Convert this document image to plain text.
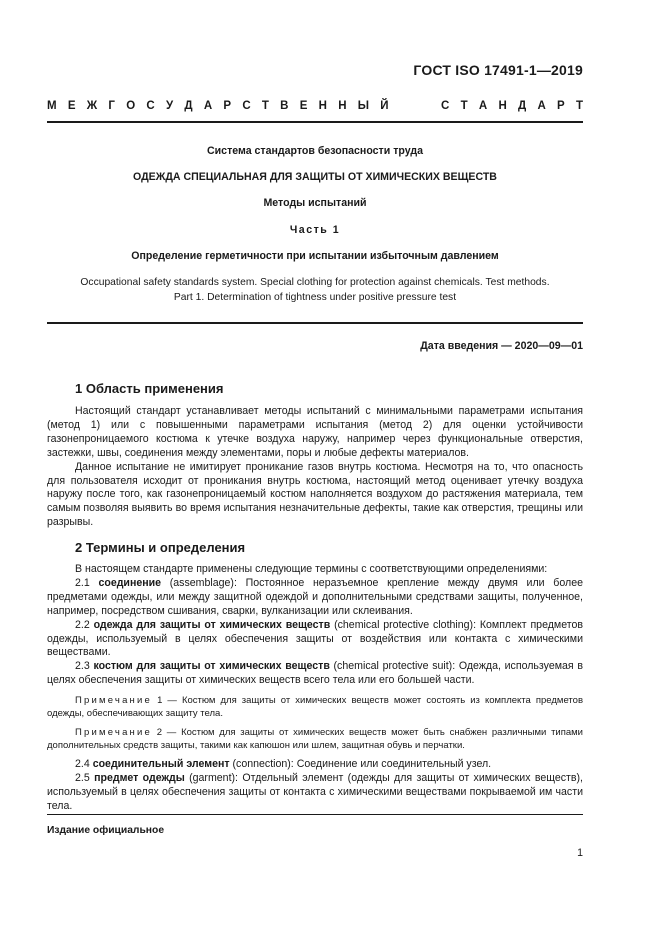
ГОСТ ISO 17491-1—2019
М Е Ж Г О С У Д А Р С Т В Е Н Н Ы Й	С Т А Н Д А Р Т
Система стандартов безопасности труда
ОДЕЖДА СПЕЦИАЛЬНАЯ ДЛЯ ЗАЩИТЫ ОТ ХИМИЧЕСКИХ ВЕЩЕСТВ
Методы испытаний
Часть 1
Определение герметичности при испытании избыточным давлением
Occupational safety standards system. Special clothing for protection against chemicals. Test methods.
Part 1. Determination of tightness under positive pressure test
Дата введения — 2020—09—01
1 Область применения

Настоящий стандарт устанавливает методы испытаний с минимальными параметрами испытания (метод 1) или с повышенными параметрами испытания (метод 2) для оценки устойчивости газонепроницаемого костюма к утечке воздуха наружу, например через функциональные отверстия, застежки, швы, соединения между элементами, поры и любые дефекты материалов.

Данное испытание не имитирует проникание газов внутрь костюма. Несмотря на то, что опасность для пользователя исходит от проникания внутрь костюма, настоящий метод оценивает утечку воздуха наружу после того, как газонепроницаемый костюм наполняется воздухом до растяжения материала, тем самым позволяя выявить во время испытания незначительные дефекты, такие как отверстия, трещины или разрывы.

2 Термины и определения

В настоящем стандарте применены следующие термины с соответствующими определениями:

2.1 соединение (assemblage): Постоянное неразъемное крепление между двумя или более предметами одежды, или между защитной одеждой и дополнительными средствами защиты, полученное, например, посредством сшивания, сварки, вулканизации или склеивания.

2.2 одежда для защиты от химических веществ (chemical protective clothing): Комплект предметов одежды, используемый в целях обеспечения защиты от воздействия или контакта с химическими веществами.

2.3 костюм для защиты от химических веществ (chemical protective suit): Одежда, используемая в целях обеспечения защиты от химических веществ всего тела или его большей части.

Примечание 1 — Костюм для защиты от химических веществ может состоять из комплекта предметов одежды, обеспечивающих защиту тела.

Примечание 2 — Костюм для защиты от химических веществ может быть снабжен различными типами дополнительных средств защиты, такими как капюшон или шлем, защитная обувь и перчатки.

2.4 соединительный элемент (connection): Соединение или соединительный узел.

2.5 предмет одежды (garment): Отдельный элемент (одежды для защиты от химических веществ), используемый в целях обеспечения защиты от контакта с химическими веществами покрываемой им части тела.

Издание официальное
1
